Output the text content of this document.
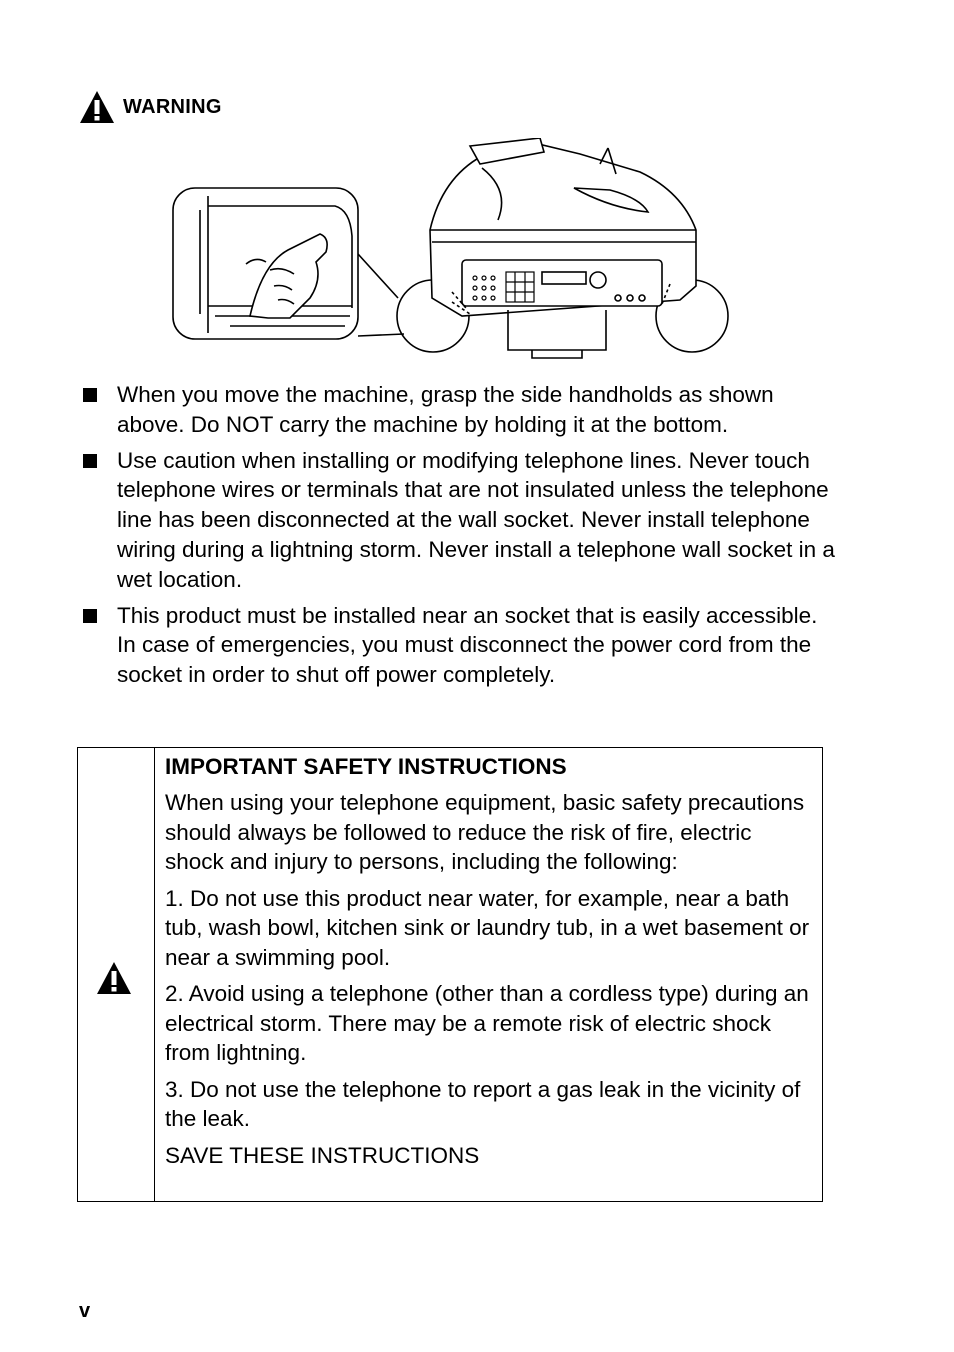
WARNING
When you move the machine, grasp the side handholds as shown above. Do NOT carry the machine by holding it at the bottom.
Use caution when installing or modifying telephone lines. Never touch telephone wires or terminals that are not insulated unless the telephone line has been disconnected at the wall socket. Never install telephone wiring during a lightning storm. Never install a telephone wall socket in a wet location.
This product must be installed near an socket that is easily accessible. In case of emergencies, you must disconnect the power cord from the socket in order to shut off power completely.
IMPORTANT SAFETY INSTRUCTIONS

When using your telephone equipment, basic safety precautions should always be followed to reduce the risk of fire, electric shock and injury to persons, including the following:

1. Do not use this product near water, for example, near a bath tub, wash bowl, kitchen sink or laundry tub, in a wet basement or near a swimming pool.

2. Avoid using a telephone (other than a cordless type) during an electrical storm. There may be a remote risk of electric shock from lightning.

3. Do not use the telephone to report a gas leak in the vicinity of the leak.

SAVE THESE INSTRUCTIONS

v
